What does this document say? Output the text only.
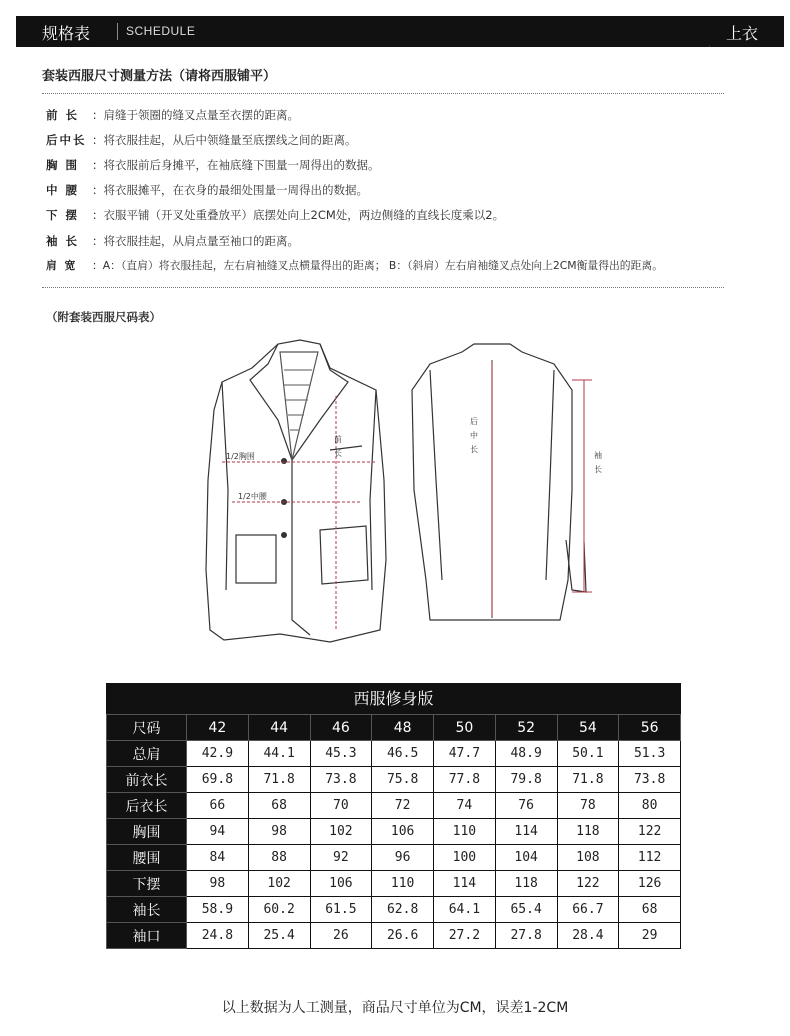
规格表	SCHEDULE	上衣
套装西服尺寸测量方法（请将西服铺平）
前 长 ：肩缝于领圈的缝叉点量至衣摆的距离。
后中长 ：将衣服挂起，从后中领缝量至底摆线之间的距离。
胸 围 ：将衣服前后身摊平，在袖底缝下围量一周得出的数据。
中 腰 ：将衣服摊平，在衣身的最细处围量一周得出的数据。
下 摆 ：衣服平铺（开叉处重叠放平）底摆处向上2CM处，两边侧缝的直线长度乘以2。
袖 长 ：将衣服挂起，从肩点量至袖口的距离。
肩 宽 ：A：（直肩）将衣服挂起，左右肩袖缝叉点横量得出的距离； B：（斜肩）左右肩袖缝叉点处向上2CM衡量得出的距离。
（附套装西服尺码表）
1/2胸围
1/2中腰
前
长
后
中
长
袖
长
西服修身版
尺码	42	44	46	48	50	52	54	56
总肩	42.9	44.1	45.3	46.5	47.7	48.9	50.1	51.3
前衣长	69.8	71.8	73.8	75.8	77.8	79.8	71.8	73.8
后衣长	66	68	70	72	74	76	78	80
胸围	94	98	102	106	110	114	118	122
腰围	84	88	92	96	100	104	108	112
下摆	98	102	106	110	114	118	122	126
袖长	58.9	60.2	61.5	62.8	64.1	65.4	66.7	68
袖口	24.8	25.4	26	26.6	27.2	27.8	28.4	29
以上数据为人工测量，商品尺寸单位为CM，误差1-2CM
